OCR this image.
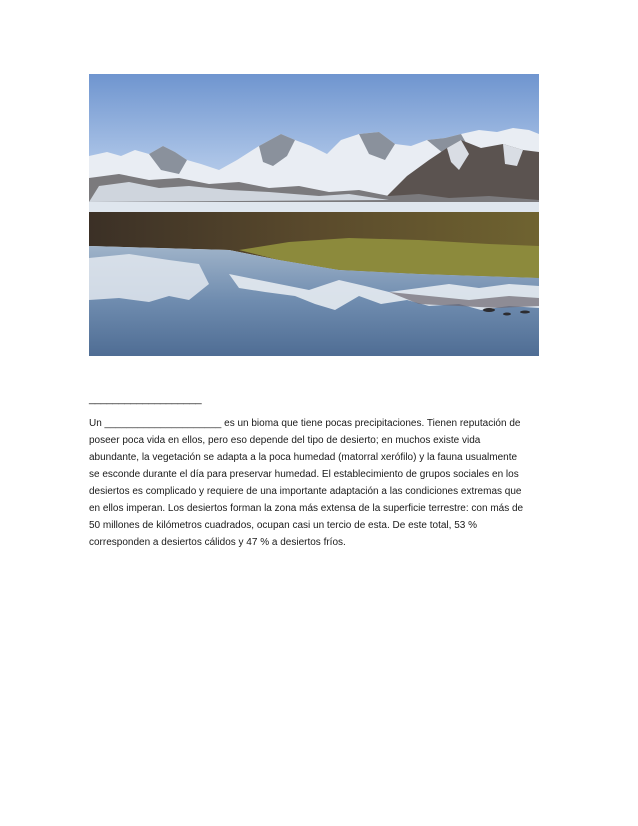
___________________

Un _____________________ es un bioma que tiene pocas precipitaciones. Tienen reputación de
poseer poca vida en ellos, pero eso depende del tipo de desierto; en muchos existe vida
abundante, la vegetación se adapta a la poca humedad (matorral xerófilo) y la fauna usualmente
se esconde durante el día para preservar humedad. El establecimiento de grupos sociales en los
desiertos es complicado y requiere de una importante adaptación a las condiciones extremas que
en ellos imperan. Los desiertos forman la zona más extensa de la superficie terrestre: con más de
50 millones de kilómetros cuadrados, ocupan casi un tercio de esta. De este total, 53 %
corresponden a desiertos cálidos y 47 % a desiertos fríos.
